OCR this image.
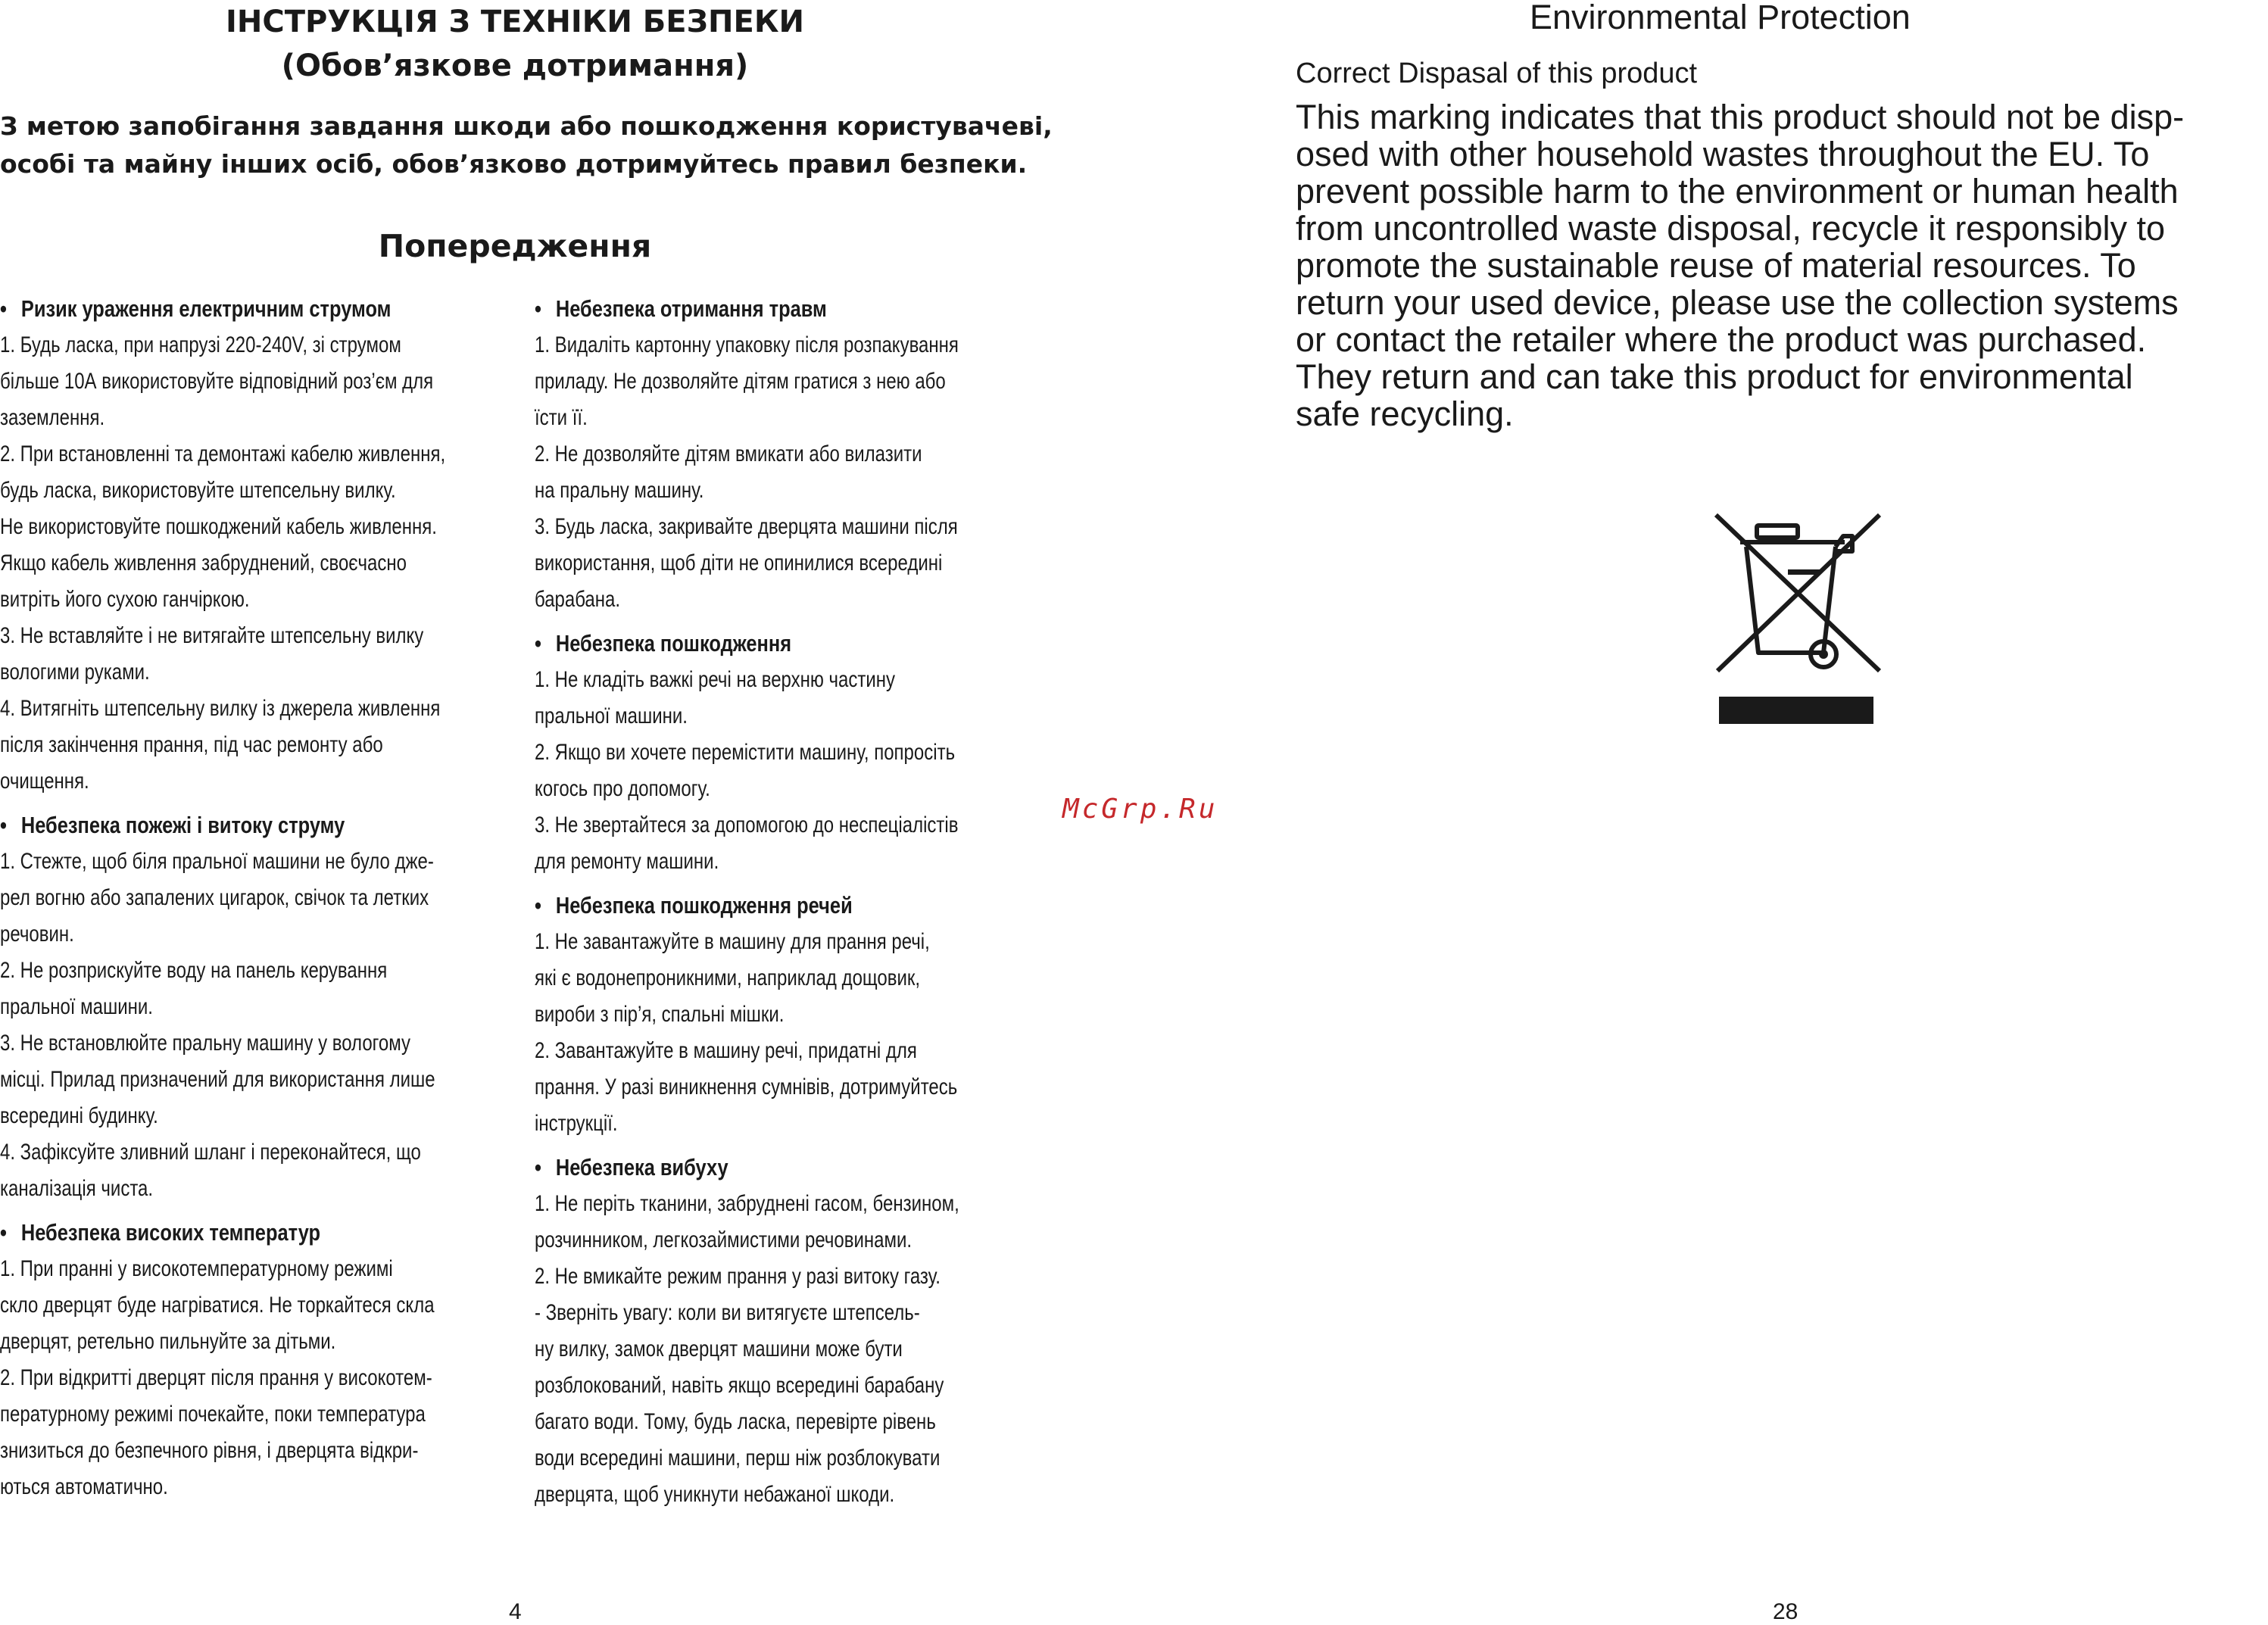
ІНСТРУКЦІЯ З ТЕХНІКИ БЕЗПЕКИ
(Обов’язкове дотримання)
З метою запобігання завдання шкоди або пошкодження користувачеві,
особі та майну інших осіб, обов’язково дотримуйтесь правил безпеки.
Попередження
• Ризик ураження електричним струмом
1. Будь ласка, при напрузі 220-240V, зі струмом
більше 10А використовуйте відповідний роз’єм для
заземлення.
2. При встановленні та демонтажі кабелю живлення,
будь ласка, використовуйте штепсельну вилку.
Не використовуйте пошкоджений кабель живлення.
Якщо кабель живлення забруднений, своєчасно
витріть його сухою ганчіркою.
3. Не вставляйте і не витягайте штепсельну вилку
вологими руками.
4. Витягніть штепсельну вилку із джерела живлення
після закінчення прання, під час ремонту або
очищення.
• Небезпека пожежі і витоку струму
1. Стежте, щоб біля пральної машини не було дже-
рел вогню або запалених цигарок, свічок та летких
речовин.
2. Не розприскуйте воду на панель керування
пральної машини.
3. Не встановлюйте пральну машину у вологому
місці. Прилад призначений для використання лише
всередині будинку.
4. Зафіксуйте зливний шланг і переконайтеся, що
каналізація чиста.
• Небезпека високих температур
1. При пранні у високотемпературному режимі
скло дверцят буде нагріватися. Не торкайтеся скла
дверцят, ретельно пильнуйте за дітьми.
2. При відкритті дверцят після прання у високотем-
пературному режимі почекайте, поки температура
знизиться до безпечного рівня, і дверцята відкри-
ються автоматично.
• Небезпека отримання травм
1. Видаліть картонну упаковку після розпакування
приладу. Не дозволяйте дітям гратися з нею або
їсти її.
2. Не дозволяйте дітям вмикати або вилазити
на пральну машину.
3. Будь ласка, закривайте дверцята машини після
використання, щоб діти не опинилися всередині
барабана.
• Небезпека пошкодження
1. Не кладіть важкі речі на верхню частину
пральної машини.
2. Якщо ви хочете перемістити машину, попросіть
когось про допомогу.
3. Не звертайтеся за допомогою до неспеціалістів
для ремонту машини.
• Небезпека пошкодження речей
1. Не завантажуйте в машину для прання речі,
які є водонепроникними, наприклад дощовик,
вироби з пір’я, спальні мішки.
2. Завантажуйте в машину речі, придатні для
прання. У разі виникнення сумнівів, дотримуйтесь
інструкції.
• Небезпека вибуху
1. Не періть тканини, забруднені гасом, бензином,
розчинником, легкозаймистими речовинами.
2. Не вмикайте режим прання у разі витоку газу.
- Зверніть увагу: коли ви витягуєте штепсель-
ну вилку, замок дверцят машини може бути
розблокований, навіть якщо всередині барабану
багато води. Тому, будь ласка, перевірте рівень
води всередині машини, перш ніж розблокувати
дверцята, щоб уникнути небажаної шкоди.
4
McGrp.Ru
Environmental Protection
Correct Dispasal of this product
This marking indicates that this product should not be disp-
osed with other household wastes throughout the EU. To
prevent possible harm to the environment or human health
from uncontrolled waste disposal, recycle it responsibly to
promote the sustainable reuse of material resources. To
return your used device, please use the collection systems
or contact the retailer where the product was purchased.
They return and can take this product for environmental
safe recycling.
28
